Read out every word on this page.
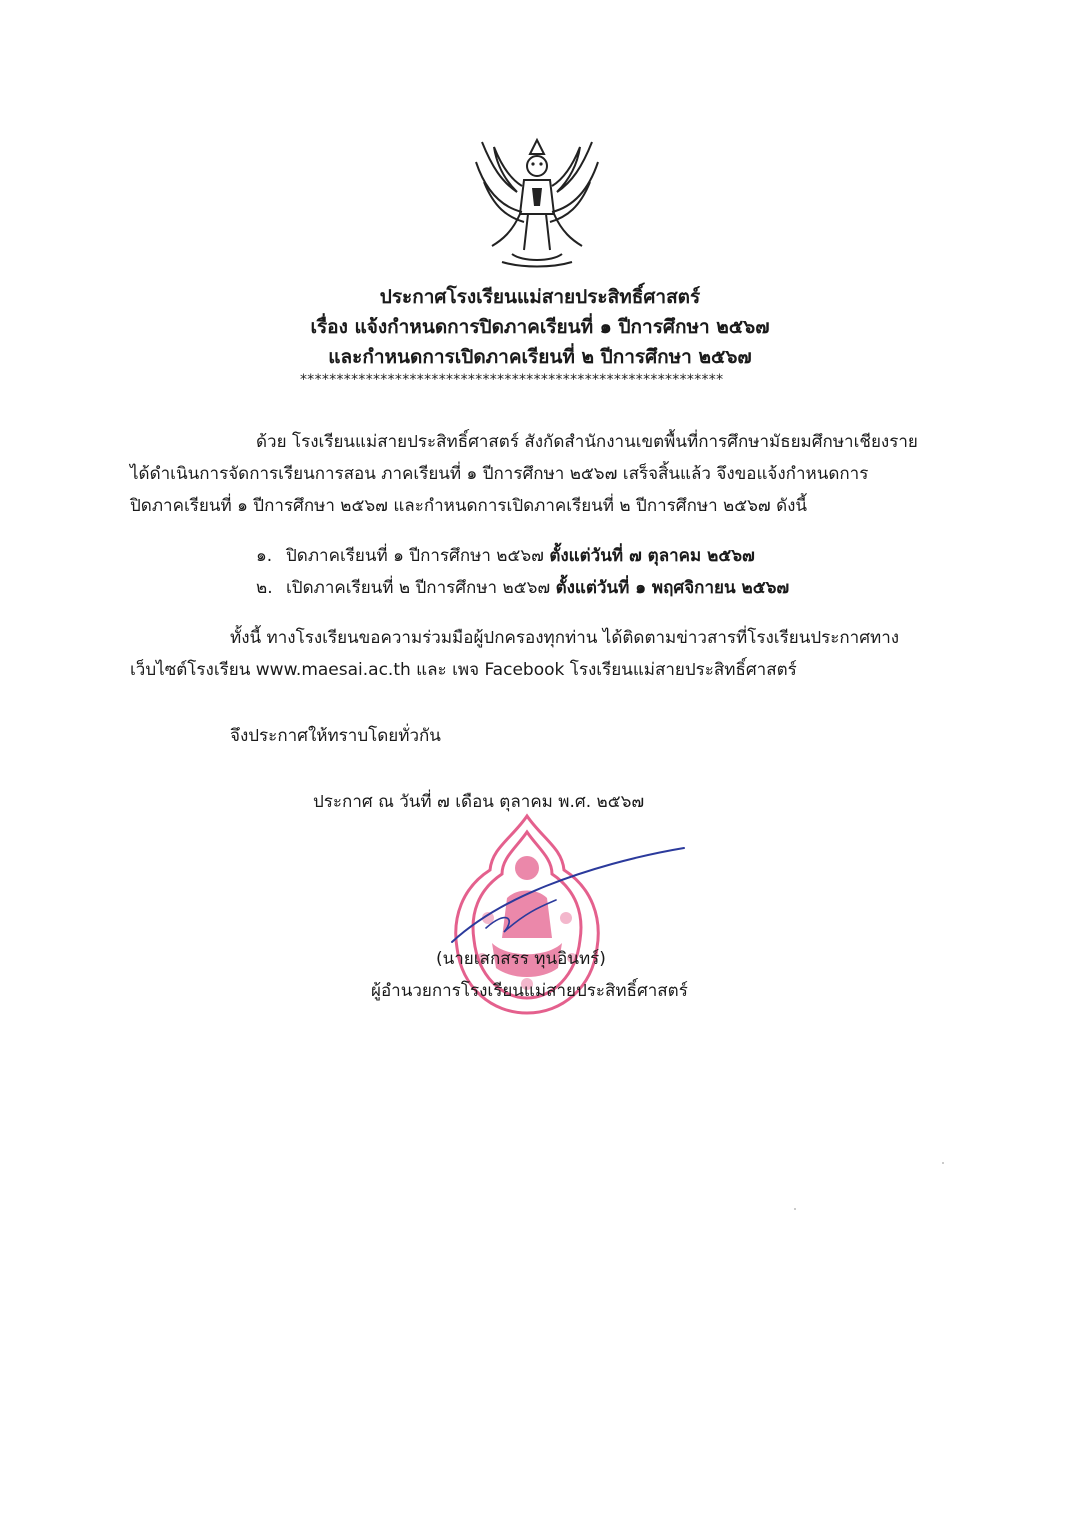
ประกาศโรงเรียนแม่สายประสิทธิ์ศาสตร์
เรื่อง แจ้งกำหนดการปิดภาคเรียนที่ ๑ ปีการศึกษา ๒๕๖๗
และกำหนดการเปิดภาคเรียนที่ ๒ ปีการศึกษา ๒๕๖๗
**********************************************************
ด้วย โรงเรียนแม่สายประสิทธิ์ศาสตร์ สังกัดสำนักงานเขตพื้นที่การศึกษามัธยมศึกษาเชียงราย
ได้ดำเนินการจัดการเรียนการสอน ภาคเรียนที่ ๑ ปีการศึกษา ๒๕๖๗ เสร็จสิ้นแล้ว จึงขอแจ้งกำหนดการ
ปิดภาคเรียนที่ ๑ ปีการศึกษา ๒๕๖๗ และกำหนดการเปิดภาคเรียนที่ ๒ ปีการศึกษา ๒๕๖๗ ดังนี้
๑. ปิดภาคเรียนที่ ๑ ปีการศึกษา ๒๕๖๗ ตั้งแต่วันที่ ๗ ตุลาคม ๒๕๖๗
๒. เปิดภาคเรียนที่ ๒ ปีการศึกษา ๒๕๖๗ ตั้งแต่วันที่ ๑ พฤศจิกายน ๒๕๖๗
ทั้งนี้ ทางโรงเรียนขอความร่วมมือผู้ปกครองทุกท่าน ได้ติดตามข่าวสารที่โรงเรียนประกาศทาง
เว็บไซต์โรงเรียน www.maesai.ac.th และ เพจ Facebook โรงเรียนแม่สายประสิทธิ์ศาสตร์
จึงประกาศให้ทราบโดยทั่วกัน
ประกาศ ณ วันที่ ๗ เดือน ตุลาคม พ.ศ. ๒๕๖๗
(นายเสกสรร ทุนอินทร์)
ผู้อำนวยการโรงเรียนแม่สายประสิทธิ์ศาสตร์
